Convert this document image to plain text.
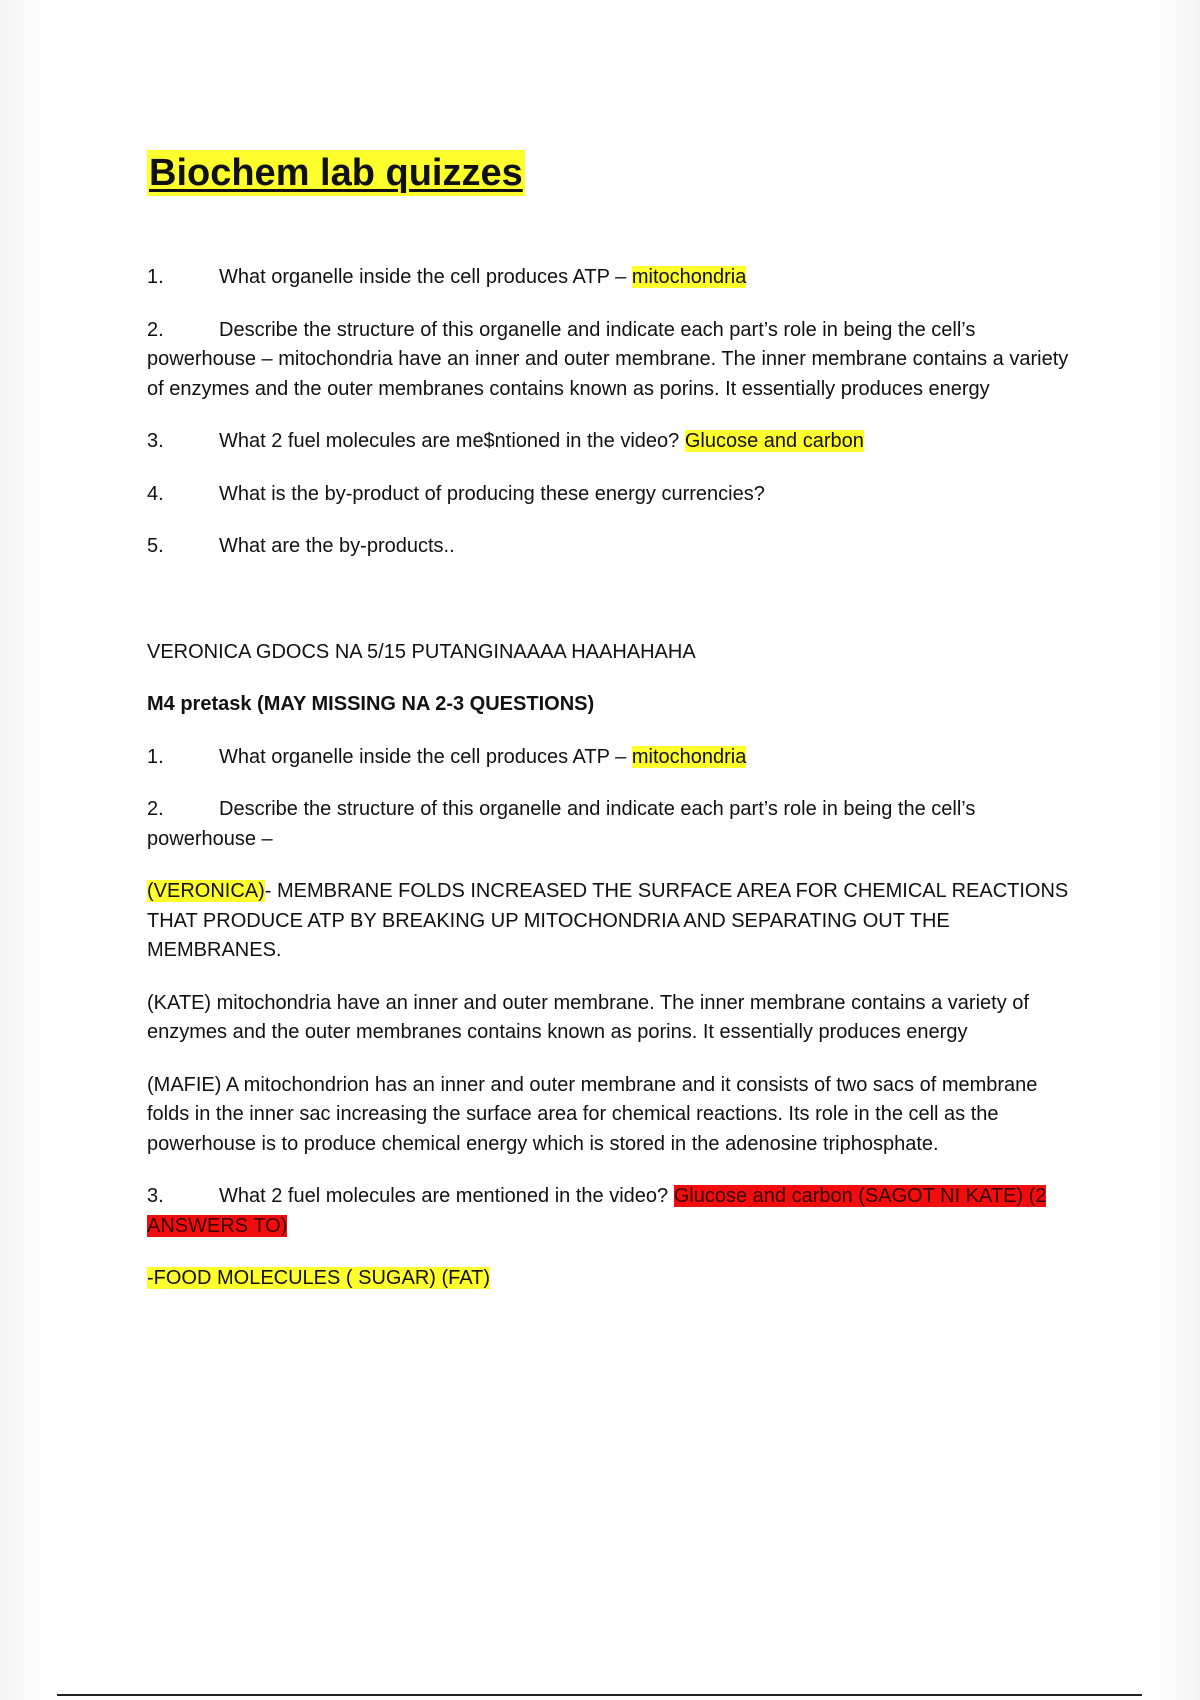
Biochem lab quizzes

1.	What organelle inside the cell produces ATP – mitochondria

2.	Describe the structure of this organelle and indicate each part’s role in being the cell’s powerhouse – mitochondria have an inner and outer membrane. The inner membrane contains a variety of enzymes and the outer membranes contains known as porins. It essentially produces energy

3.	What 2 fuel molecules are me$ntioned in the video? Glucose and carbon

4.	What is the by-product of producing these energy currencies?

5.	What are the by-products..

VERONICA GDOCS NA 5/15 PUTANGINAAAA HAAHAHAHA

M4 pretask (MAY MISSING NA 2-3 QUESTIONS)

1.	What organelle inside the cell produces ATP – mitochondria

2.	Describe the structure of this organelle and indicate each part’s role in being the cell’s powerhouse –

(VERONICA)- MEMBRANE FOLDS INCREASED THE SURFACE AREA FOR CHEMICAL REACTIONS THAT PRODUCE ATP BY BREAKING UP MITOCHONDRIA AND SEPARATING OUT THE MEMBRANES.

(KATE) mitochondria have an inner and outer membrane. The inner membrane contains a variety of enzymes and the outer membranes contains known as porins. It essentially produces energy

(MAFIE) A mitochondrion has an inner and outer membrane and it consists of two sacs of membrane folds in the inner sac increasing the surface area for chemical reactions. Its role in the cell as the powerhouse is to produce chemical energy which is stored in the adenosine triphosphate.

3.	What 2 fuel molecules are mentioned in the video? Glucose and carbon (SAGOT NI KATE) (2 ANSWERS TO)

-FOOD MOLECULES ( SUGAR) (FAT)
